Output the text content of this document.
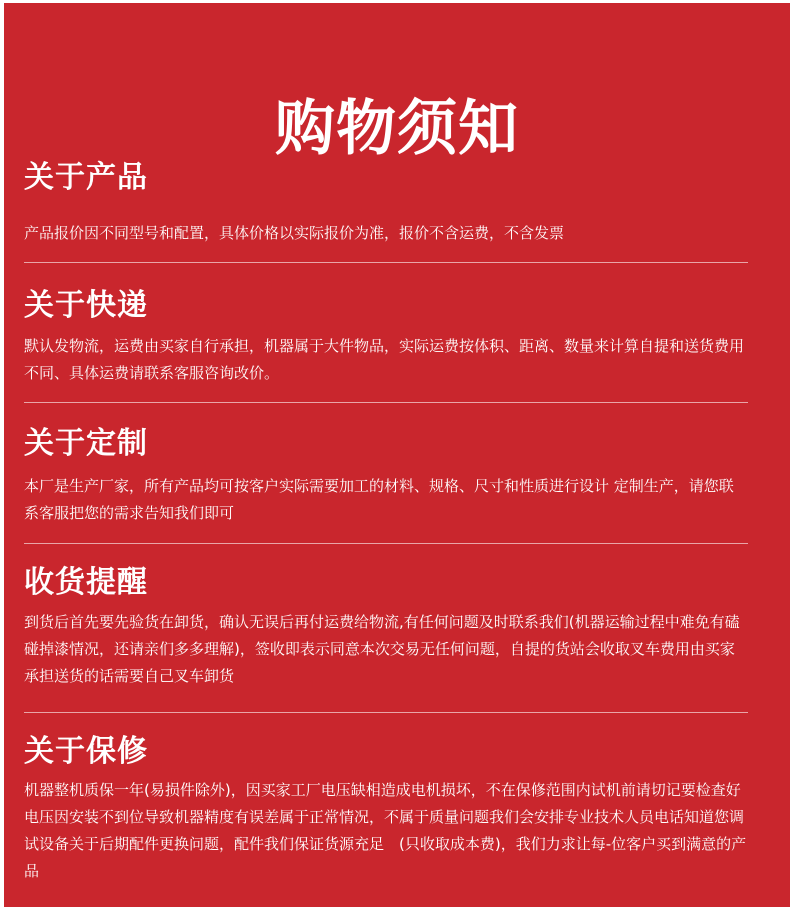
购物须知
关于产品

产品报价因不同型号和配置，具体价格以实际报价为准，报价不含运费，不含发票

关于快递

默认发物流，运费由买家自行承担，机器属于大件物品，实际运费按体积、距离、数量来计算自提和送货费用不同、具体运费请联系客服咨询改价。

关于定制

本厂是生产厂家，所有产品均可按客户实际需要加工的材料、规格、尺寸和性质进行设计 定制生产，请您联系客服把您的需求告知我们即可

收货提醒

到货后首先要先验货在卸货，确认无误后再付运费给物流,有任何问题及时联系我们(机器运输过程中难免有磕碰掉漆情况，还请亲们多多理解)，签收即表示同意本次交易无任何问题，自提的货站会收取叉车费用由买家承担送货的话需要自己叉车卸货

关于保修

机器整机质保一年(易损件除外)，因买家工厂电压缺相造成电机损坏，不在保修范围内试机前请切记要检查好电压因安装不到位导致机器精度有误差属于正常情况，不属于质量问题我们会安排专业技术人员电话知道您调试设备关于后期配件更换问题，配件我们保证货源充足　(只收取成本费)，我们力求让每-位客户买到满意的产品
